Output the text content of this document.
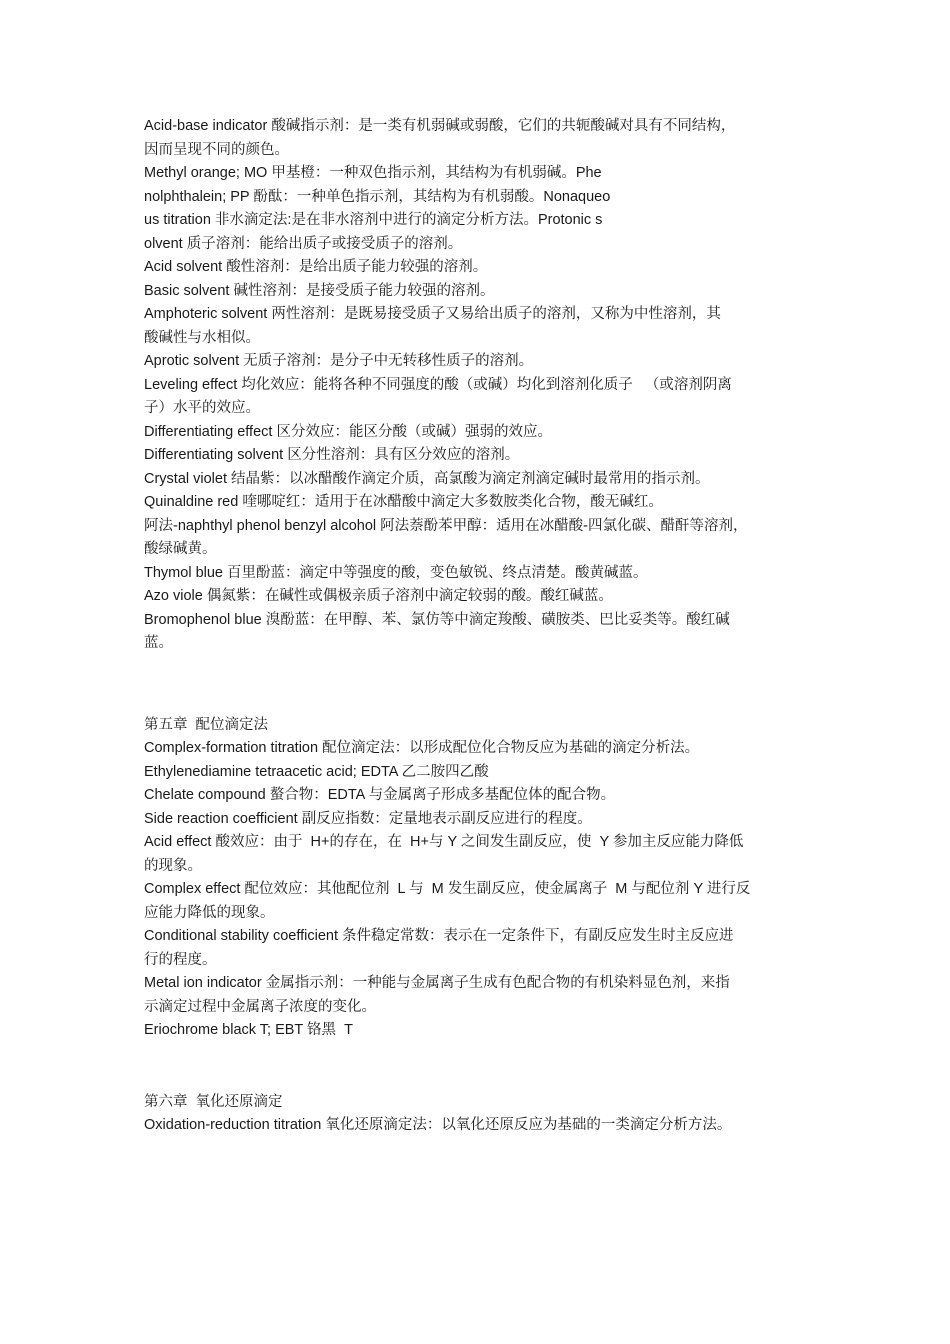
Acid-base indicator 酸碱指示剂：是一类有机弱碱或弱酸，它们的共轭酸碱对具有不同结构，
因而呈现不同的颜色。
Methyl orange; MO 甲基橙：一种双色指示剂，其结构为有机弱碱。Phe
nolphthalein; PP 酚酞：一种单色指示剂，其结构为有机弱酸。Nonaqueo
us titration 非水滴定法:是在非水溶剂中进行的滴定分析方法。Protonic s
olvent 质子溶剂：能给出质子或接受质子的溶剂。
Acid solvent 酸性溶剂：是给出质子能力较强的溶剂。
Basic solvent 碱性溶剂：是接受质子能力较强的溶剂。
Amphoteric solvent 两性溶剂：是既易接受质子又易给出质子的溶剂，又称为中性溶剂，其
酸碱性与水相似。
Aprotic solvent 无质子溶剂：是分子中无转移性质子的溶剂。
Leveling effect 均化效应：能将各种不同强度的酸（或碱）均化到溶剂化质子   （或溶剂阴离
子）水平的效应。
Differentiating effect 区分效应：能区分酸（或碱）强弱的效应。
Differentiating solvent 区分性溶剂：具有区分效应的溶剂。
Crystal violet 结晶紫：以冰醋酸作滴定介质，高氯酸为滴定剂滴定碱时最常用的指示剂。
Quinaldine red 喹哪啶红：适用于在冰醋酸中滴定大多数胺类化合物，酸无碱红。
阿法-naphthyl phenol benzyl alcohol 阿法萘酚苯甲醇：适用在冰醋酸-四氯化碳、醋酐等溶剂，
酸绿碱黄。
Thymol blue 百里酚蓝：滴定中等强度的酸，变色敏锐、终点清楚。酸黄碱蓝。
Azo viole 偶氮紫：在碱性或偶极亲质子溶剂中滴定较弱的酸。酸红碱蓝。
Bromophenol blue 溴酚蓝：在甲醇、苯、氯仿等中滴定羧酸、磺胺类、巴比妥类等。酸红碱
蓝。
第五章  配位滴定法
Complex-formation titration 配位滴定法：以形成配位化合物反应为基础的滴定分析法。
Ethylenediamine tetraacetic acid; EDTA 乙二胺四乙酸
Chelate compound 螯合物：EDTA 与金属离子形成多基配位体的配合物。
Side reaction coefficient 副反应指数：定量地表示副反应进行的程度。
Acid effect 酸效应：由于  H+的存在，在  H+与 Y 之间发生副反应，使  Y 参加主反应能力降低
的现象。
Complex effect 配位效应：其他配位剂  L 与  M 发生副反应，使金属离子  M 与配位剂 Y 进行反
应能力降低的现象。
Conditional stability coefficient 条件稳定常数：表示在一定条件下，有副反应发生时主反应进
行的程度。
Metal ion indicator 金属指示剂：一种能与金属离子生成有色配合物的有机染料显色剂，来指
示滴定过程中金属离子浓度的变化。
Eriochrome black T; EBT 铬黑  T
第六章  氧化还原滴定
Oxidation-reduction titration 氧化还原滴定法：以氧化还原反应为基础的一类滴定分析方法。
